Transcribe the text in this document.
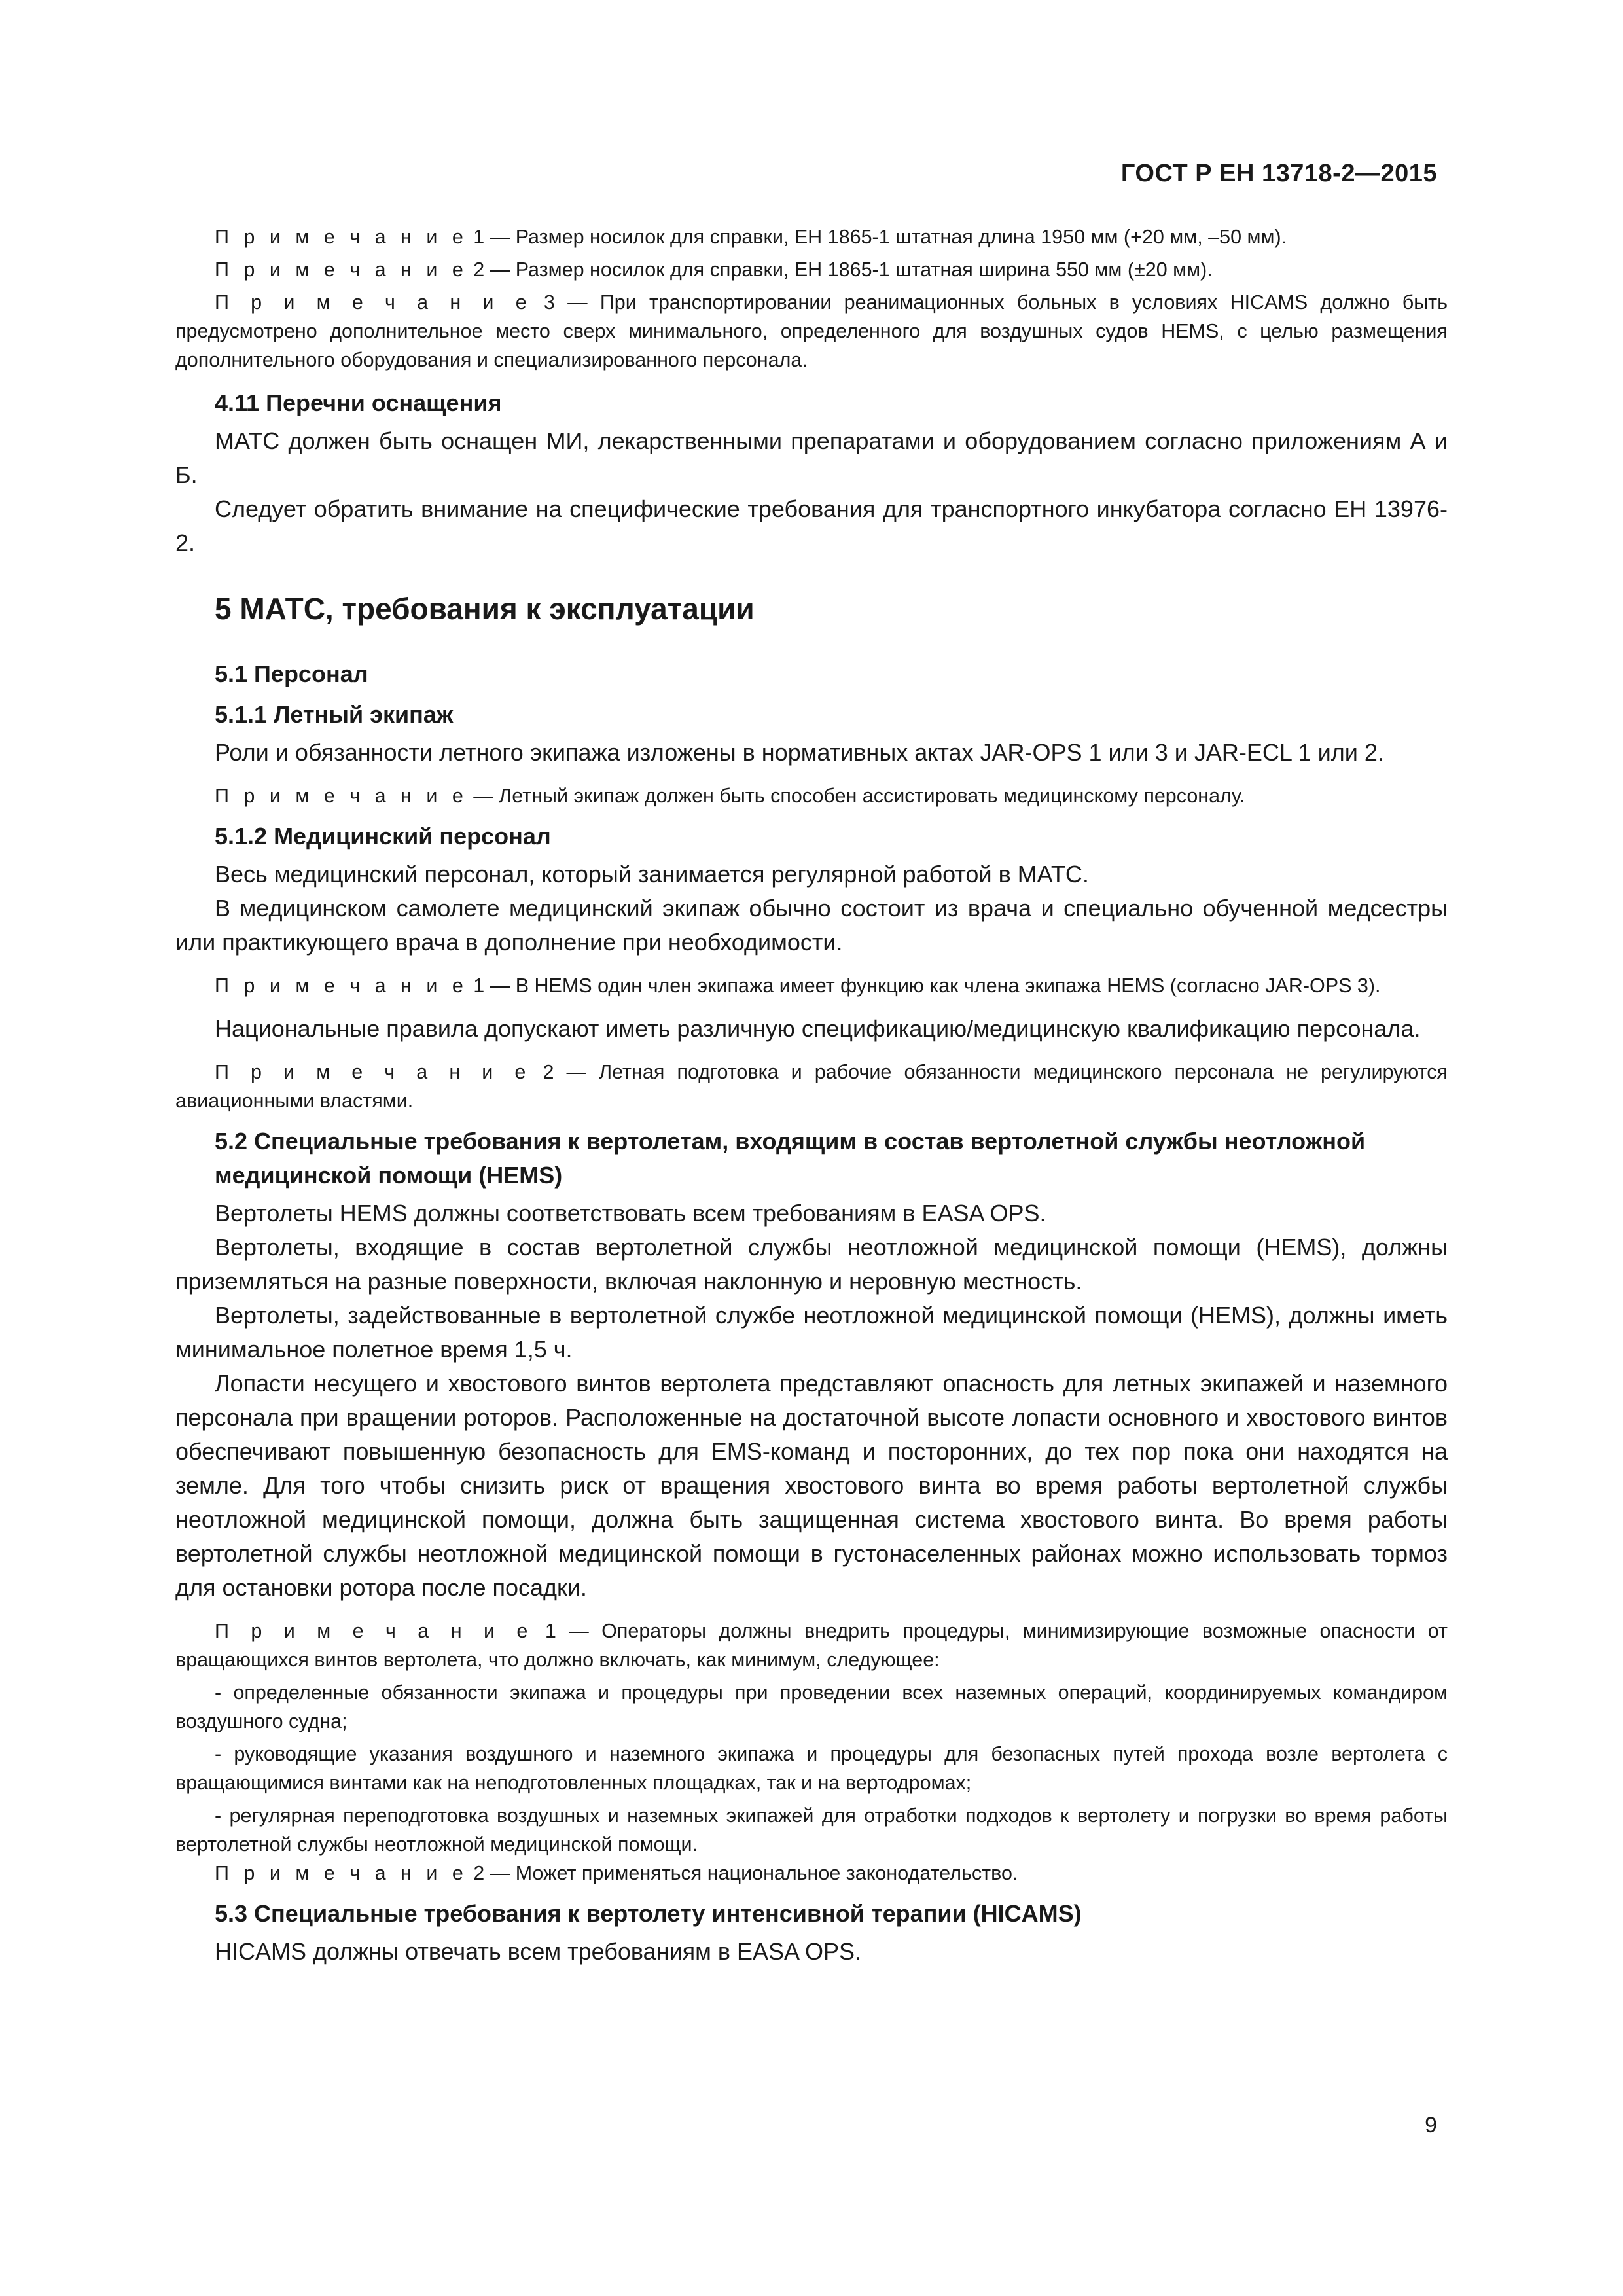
ГОСТ Р ЕН 13718-2—2015

П р и м е ч а н и е 1 — Размер носилок для справки, ЕН 1865-1 штатная длина 1950 мм (+20 мм, –50 мм).

П р и м е ч а н и е 2 — Размер носилок для справки, ЕН 1865-1 штатная ширина 550 мм (±20 мм).

П р и м е ч а н и е 3 — При транспортировании реанимационных больных в условиях HICAMS должно быть предусмотрено дополнительное место сверх минимального, определенного для воздушных судов HEMS, с целью размещения дополнительного оборудования и специализированного персонала.

4.11 Перечни оснащения

МАТС должен быть оснащен МИ, лекарственными препаратами и оборудованием согласно приложениям А и Б.

Следует обратить внимание на специфические требования для транспортного инкубатора согласно ЕН 13976-2.

5 МАТС, требования к эксплуатации

5.1 Персонал

5.1.1 Летный экипаж

Роли и обязанности летного экипажа изложены в нормативных актах JAR-OPS 1 или 3 и JAR-ECL 1 или 2.

П р и м е ч а н и е — Летный экипаж должен быть способен ассистировать медицинскому персоналу.

5.1.2 Медицинский персонал

Весь медицинский персонал, который занимается регулярной работой в МАТС.

В медицинском самолете медицинский экипаж обычно состоит из врача и специально обученной медсестры или практикующего врача в дополнение при необходимости.

П р и м е ч а н и е 1 — В HEMS один член экипажа имеет функцию как члена экипажа HEMS (согласно JAR-OPS 3).

Национальные правила допускают иметь различную спецификацию/медицинскую квалификацию персонала.

П р и м е ч а н и е 2 — Летная подготовка и рабочие обязанности медицинского персонала не регулируются авиационными властями.

5.2 Специальные требования к вертолетам, входящим в состав вертолетной службы неотложной медицинской помощи (HEMS)

Вертолеты HEMS должны соответствовать всем требованиям в EASA OPS.

Вертолеты, входящие в состав вертолетной службы неотложной медицинской помощи (HEMS), должны приземляться на разные поверхности, включая наклонную и неровную местность.

Вертолеты, задействованные в вертолетной службе неотложной медицинской помощи (HEMS), должны иметь минимальное полетное время 1,5 ч.

Лопасти несущего и хвостового винтов вертолета представляют опасность для летных экипажей и наземного персонала при вращении роторов. Расположенные на достаточной высоте лопасти основного и хвостового винтов обеспечивают повышенную безопасность для EMS-команд и посторонних, до тех пор пока они находятся на земле. Для того чтобы снизить риск от вращения хвостового винта во время работы вертолетной службы неотложной медицинской помощи, должна быть защищенная система хвостового винта. Во время работы вертолетной службы неотложной медицинской помощи в густонаселенных районах можно использовать тормоз для остановки ротора после посадки.

П р и м е ч а н и е 1 — Операторы должны внедрить процедуры, минимизирующие возможные опасности от вращающихся винтов вертолета, что должно включать, как минимум, следующее:

- определенные обязанности экипажа и процедуры при проведении всех наземных операций, координируемых командиром воздушного судна;

- руководящие указания воздушного и наземного экипажа и процедуры для безопасных путей прохода возле вертолета с вращающимися винтами как на неподготовленных площадках, так и на вертодромах;

- регулярная переподготовка воздушных и наземных экипажей для отработки подходов к вертолету и погрузки во время работы вертолетной службы неотложной медицинской помощи.

П р и м е ч а н и е 2 — Может применяться национальное законодательство.

5.3 Специальные требования к вертолету интенсивной терапии (HICAMS)

HICAMS должны отвечать всем требованиям в EASA OPS.

9
